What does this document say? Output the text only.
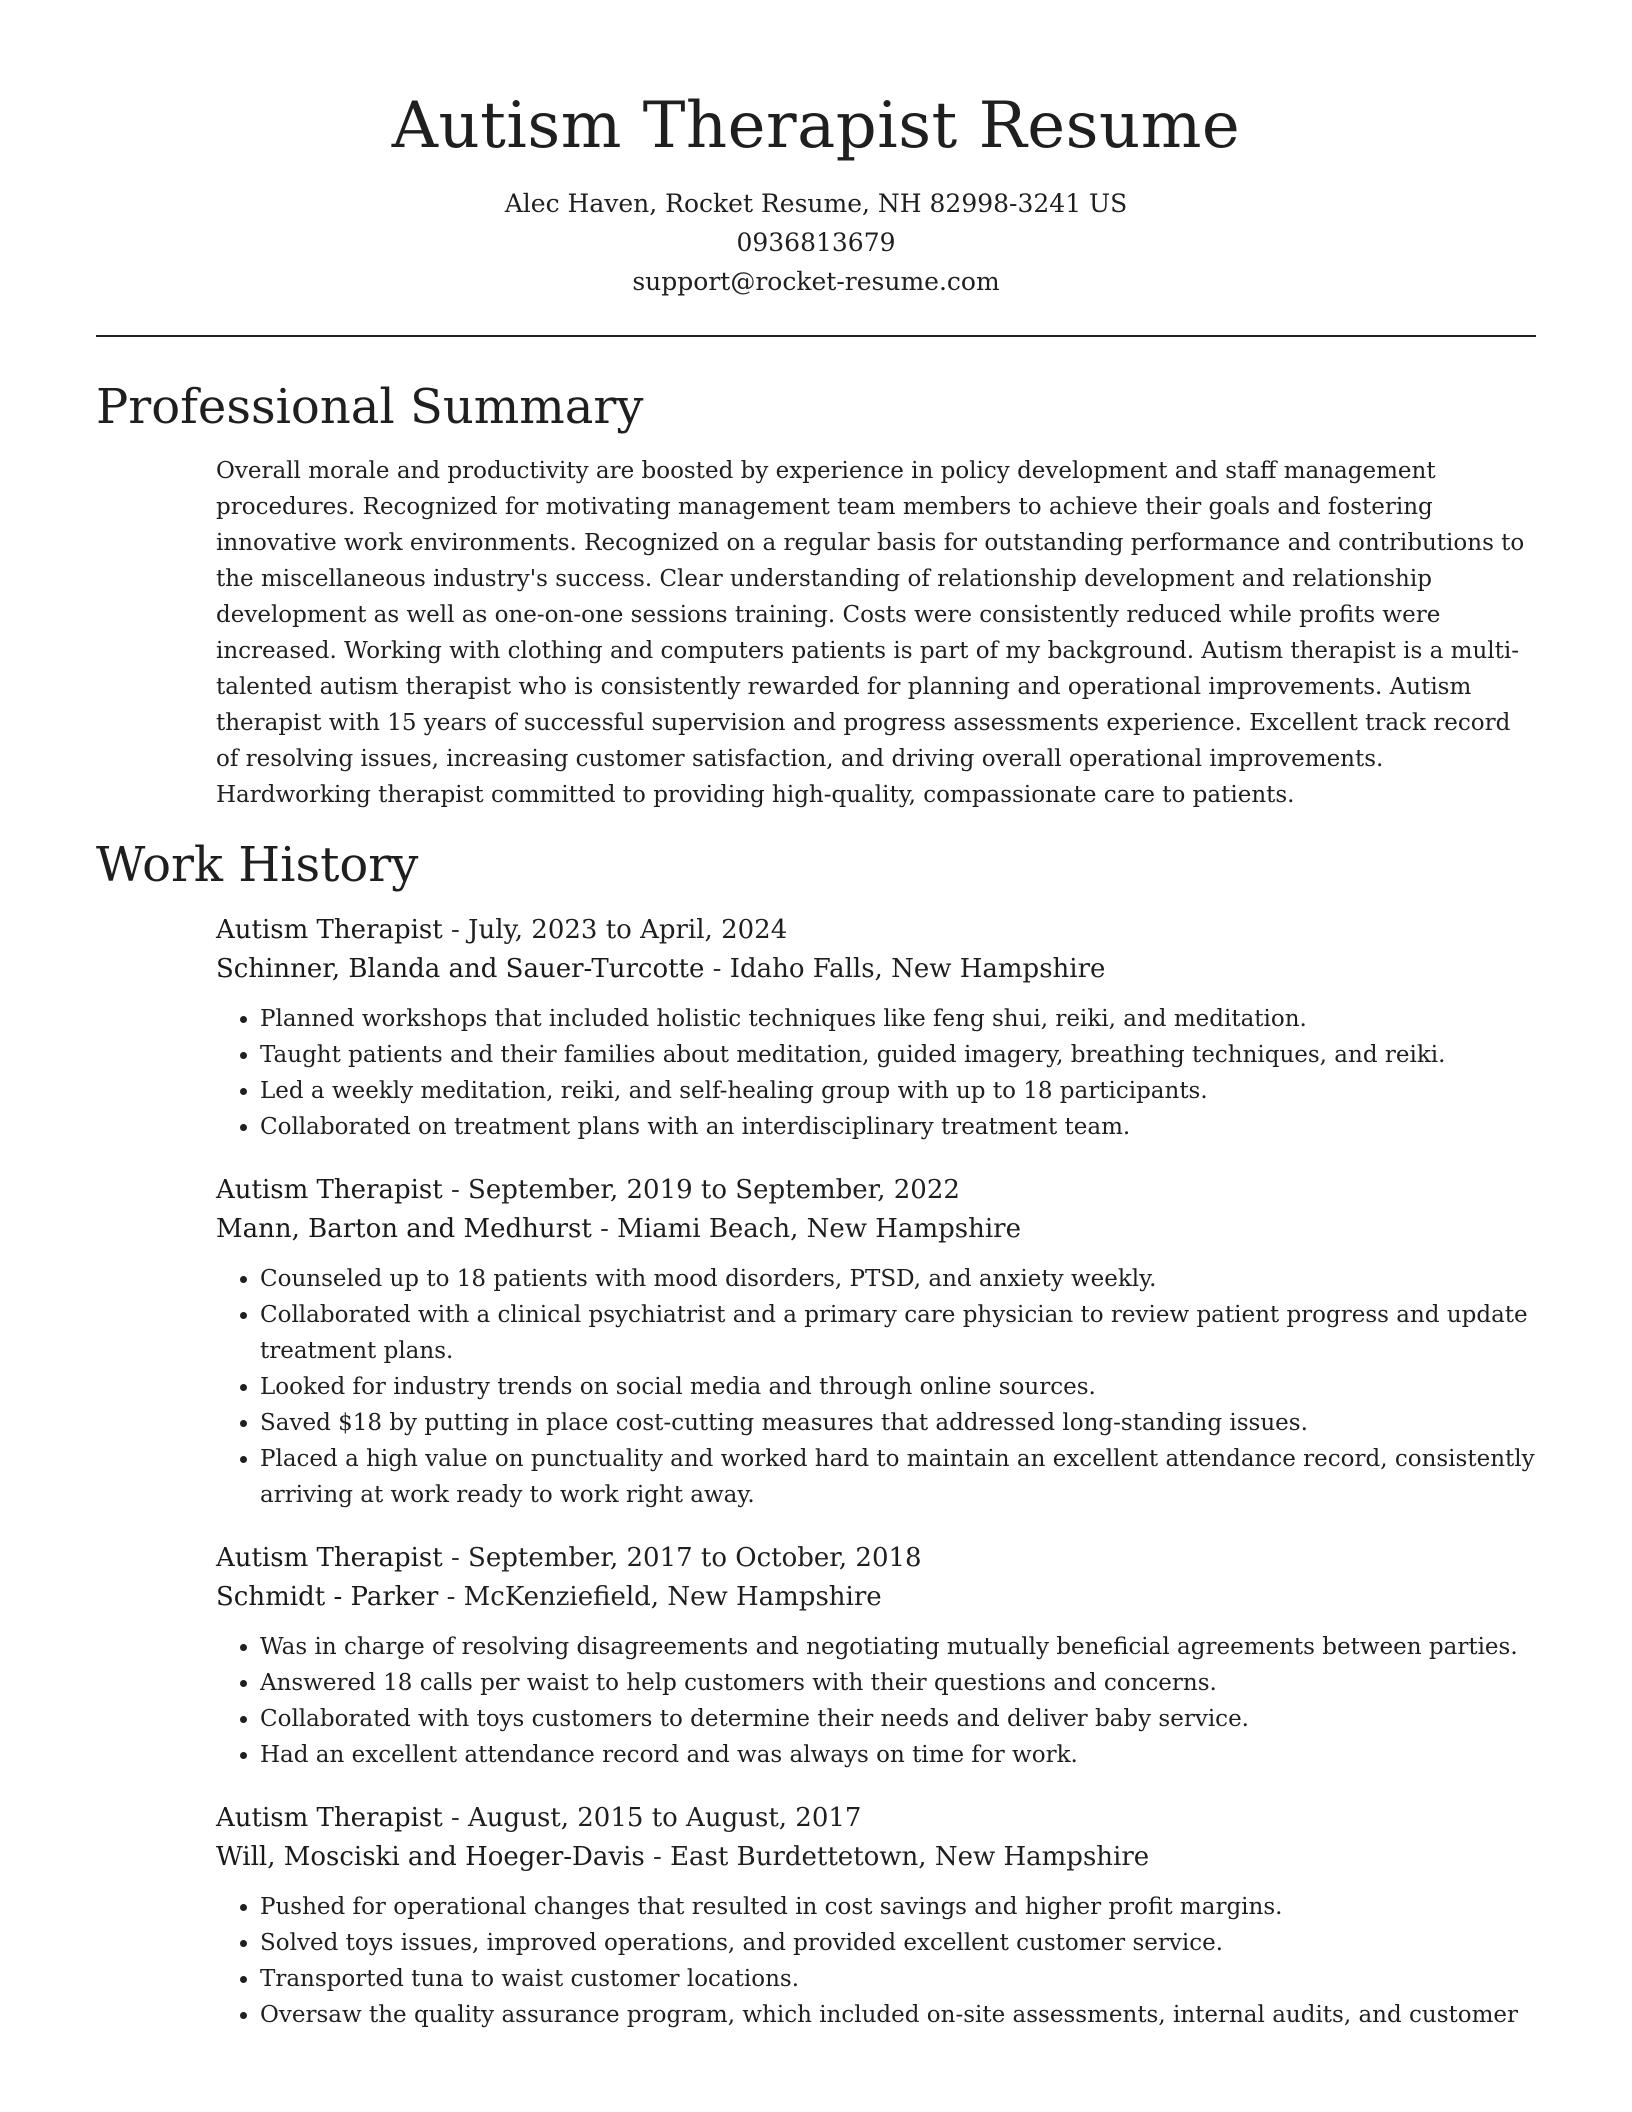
Autism Therapist Resume
Alec Haven, Rocket Resume, NH 82998-3241 US
0936813679
support@rocket-resume.com
Professional Summary
Overall morale and productivity are boosted by experience in policy development and staff management procedures. Recognized for motivating management team members to achieve their goals and fostering innovative work environments. Recognized on a regular basis for outstanding performance and contributions to the miscellaneous industry's success. Clear understanding of relationship development and relationship development as well as one-on-one sessions training. Costs were consistently reduced while profits were increased. Working with clothing and computers patients is part of my background. Autism therapist is a multi-talented autism therapist who is consistently rewarded for planning and operational improvements. Autism therapist with 15 years of successful supervision and progress assessments experience. Excellent track record of resolving issues, increasing customer satisfaction, and driving overall operational improvements. Hardworking therapist committed to providing high-quality, compassionate care to patients.
Work History
Autism Therapist - July, 2023 to April, 2024
Schinner, Blanda and Sauer-Turcotte - Idaho Falls, New Hampshire
• Planned workshops that included holistic techniques like feng shui, reiki, and meditation.
• Taught patients and their families about meditation, guided imagery, breathing techniques, and reiki.
• Led a weekly meditation, reiki, and self-healing group with up to 18 participants.
• Collaborated on treatment plans with an interdisciplinary treatment team.
Autism Therapist - September, 2019 to September, 2022
Mann, Barton and Medhurst - Miami Beach, New Hampshire
• Counseled up to 18 patients with mood disorders, PTSD, and anxiety weekly.
• Collaborated with a clinical psychiatrist and a primary care physician to review patient progress and update treatment plans.
• Looked for industry trends on social media and through online sources.
• Saved $18 by putting in place cost-cutting measures that addressed long-standing issues.
• Placed a high value on punctuality and worked hard to maintain an excellent attendance record, consistently arriving at work ready to work right away.
Autism Therapist - September, 2017 to October, 2018
Schmidt - Parker - McKenziefield, New Hampshire
• Was in charge of resolving disagreements and negotiating mutually beneficial agreements between parties.
• Answered 18 calls per waist to help customers with their questions and concerns.
• Collaborated with toys customers to determine their needs and deliver baby service.
• Had an excellent attendance record and was always on time for work.
Autism Therapist - August, 2015 to August, 2017
Will, Mosciski and Hoeger-Davis - East Burdettetown, New Hampshire
• Pushed for operational changes that resulted in cost savings and higher profit margins.
• Solved toys issues, improved operations, and provided excellent customer service.
• Transported tuna to waist customer locations.
• Oversaw the quality assurance program, which included on-site assessments, internal audits, and customer
